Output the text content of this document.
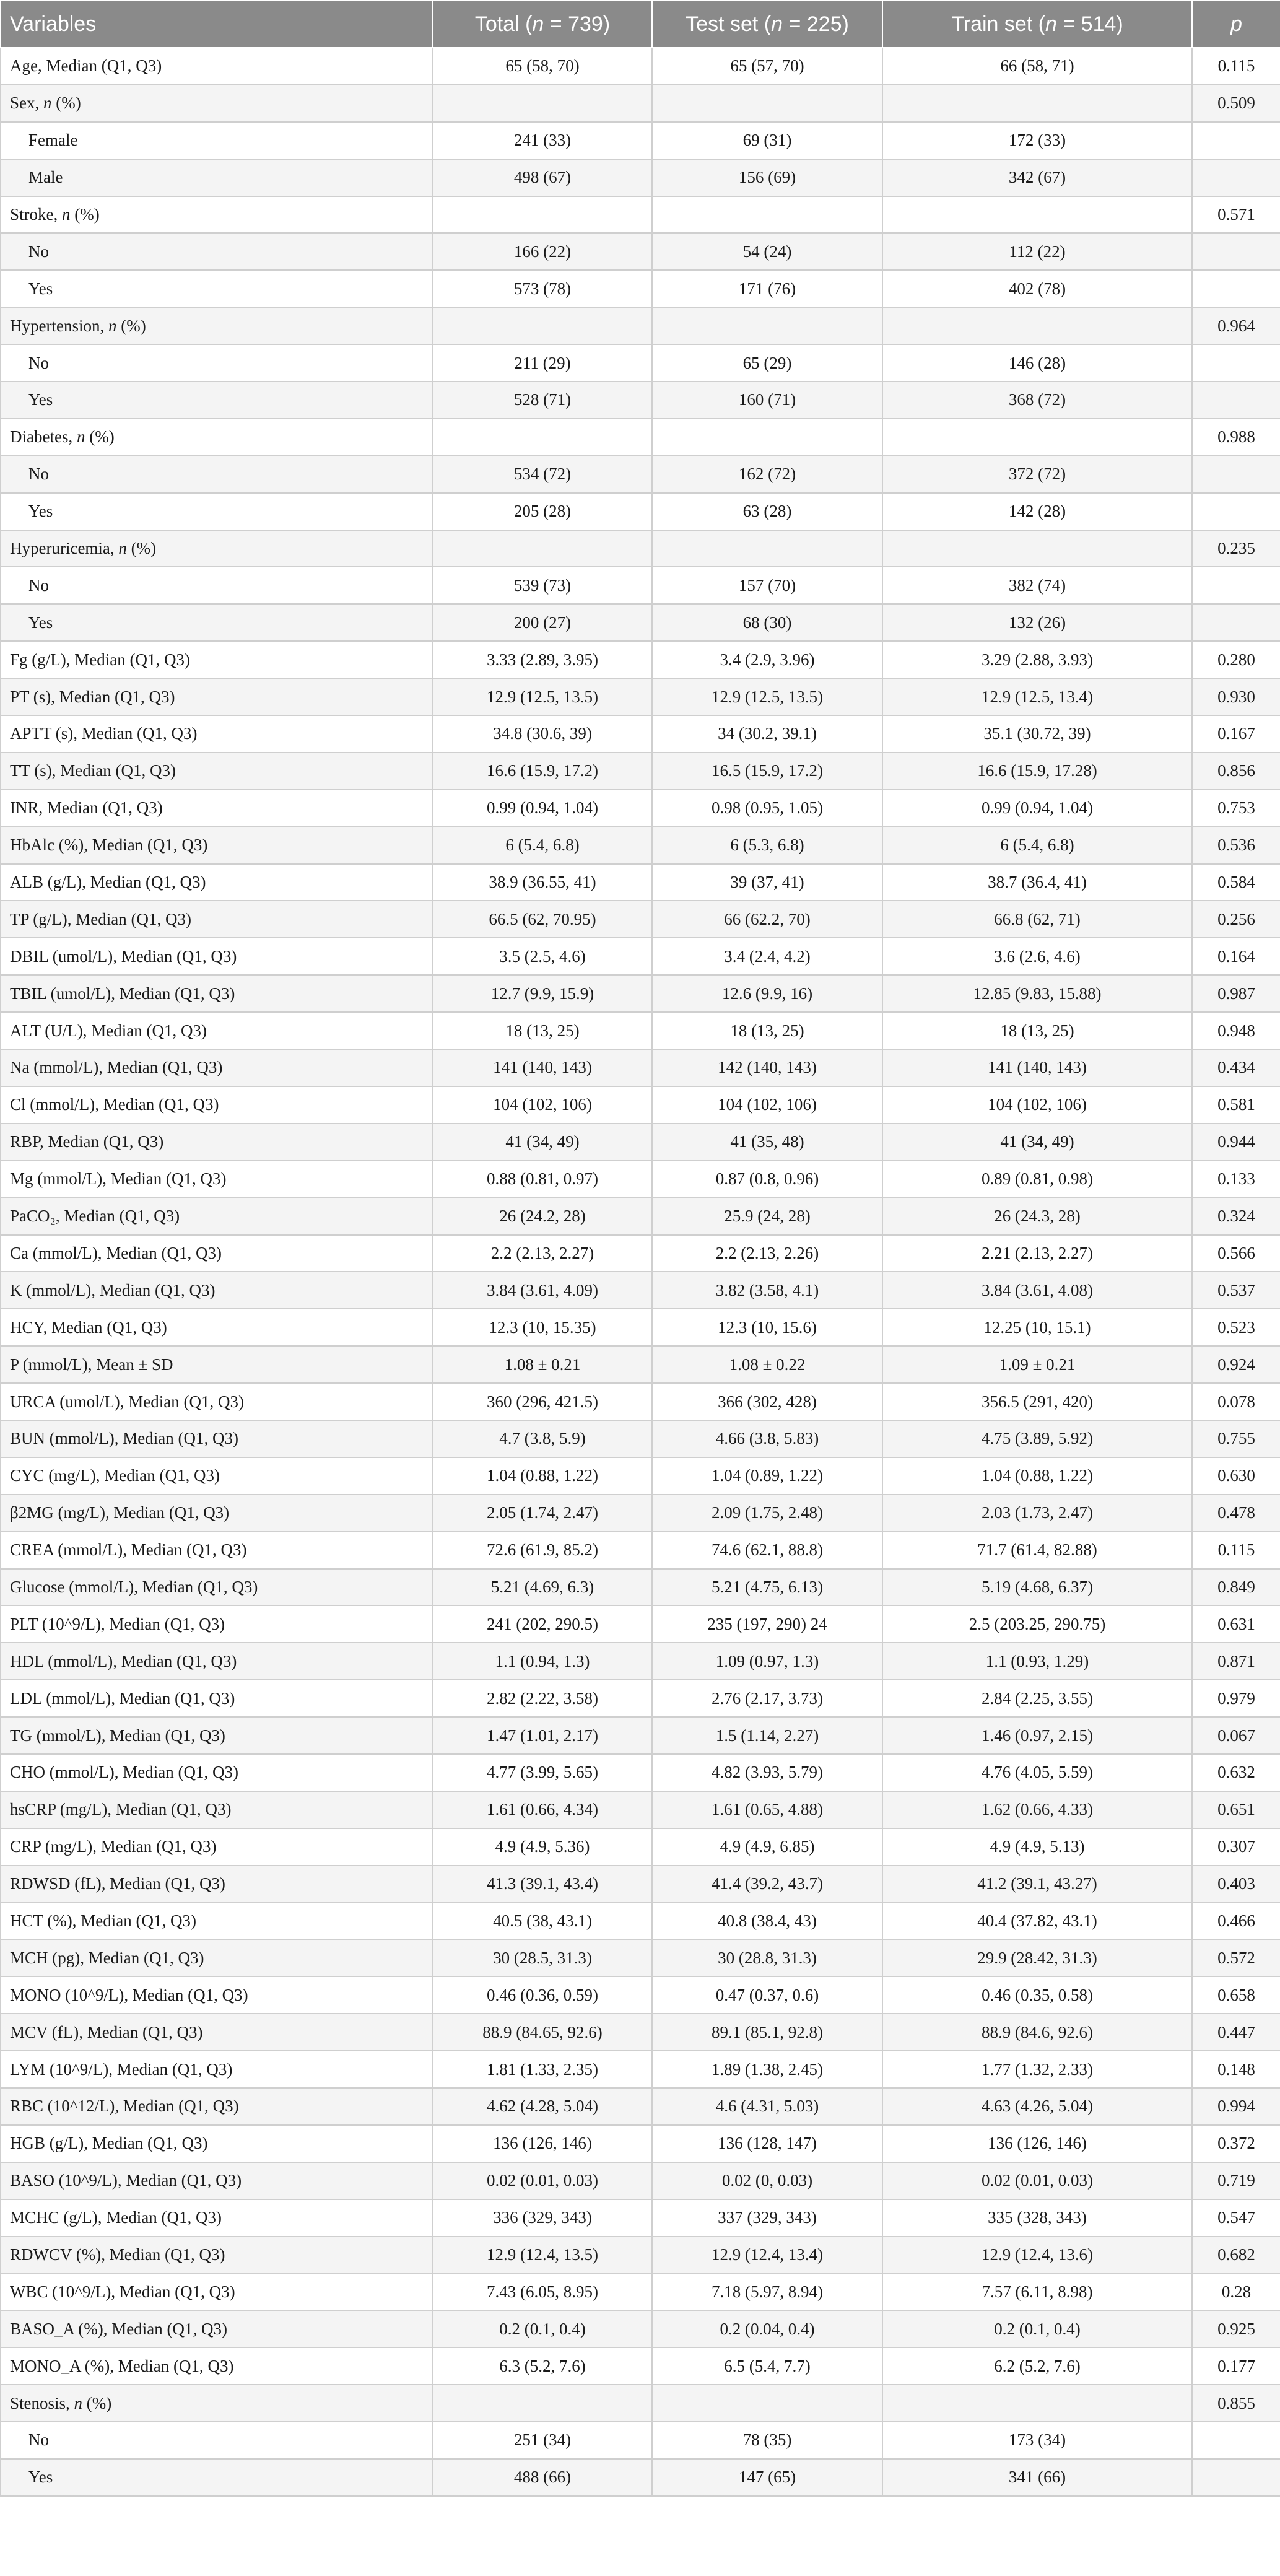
Variables	Total (n = 739)	Test set (n = 225)	Train set (n = 514)	p
Age, Median (Q1, Q3)	65 (58, 70)	65 (57, 70)	66 (58, 71)	0.115
Sex, n (%)				0.509
Female	241 (33)	69 (31)	172 (33)	
Male	498 (67)	156 (69)	342 (67)	
Stroke, n (%)				0.571
No	166 (22)	54 (24)	112 (22)	
Yes	573 (78)	171 (76)	402 (78)	
Hypertension, n (%)				0.964
No	211 (29)	65 (29)	146 (28)	
Yes	528 (71)	160 (71)	368 (72)	
Diabetes, n (%)				0.988
No	534 (72)	162 (72)	372 (72)	
Yes	205 (28)	63 (28)	142 (28)	
Hyperuricemia, n (%)				0.235
No	539 (73)	157 (70)	382 (74)	
Yes	200 (27)	68 (30)	132 (26)	
Fg (g/L), Median (Q1, Q3)	3.33 (2.89, 3.95)	3.4 (2.9, 3.96)	3.29 (2.88, 3.93)	0.280
PT (s), Median (Q1, Q3)	12.9 (12.5, 13.5)	12.9 (12.5, 13.5)	12.9 (12.5, 13.4)	0.930
APTT (s), Median (Q1, Q3)	34.8 (30.6, 39)	34 (30.2, 39.1)	35.1 (30.72, 39)	0.167
TT (s), Median (Q1, Q3)	16.6 (15.9, 17.2)	16.5 (15.9, 17.2)	16.6 (15.9, 17.28)	0.856
INR, Median (Q1, Q3)	0.99 (0.94, 1.04)	0.98 (0.95, 1.05)	0.99 (0.94, 1.04)	0.753
HbAlc (%), Median (Q1, Q3)	6 (5.4, 6.8)	6 (5.3, 6.8)	6 (5.4, 6.8)	0.536
ALB (g/L), Median (Q1, Q3)	38.9 (36.55, 41)	39 (37, 41)	38.7 (36.4, 41)	0.584
TP (g/L), Median (Q1, Q3)	66.5 (62, 70.95)	66 (62.2, 70)	66.8 (62, 71)	0.256
DBIL (umol/L), Median (Q1, Q3)	3.5 (2.5, 4.6)	3.4 (2.4, 4.2)	3.6 (2.6, 4.6)	0.164
TBIL (umol/L), Median (Q1, Q3)	12.7 (9.9, 15.9)	12.6 (9.9, 16)	12.85 (9.83, 15.88)	0.987
ALT (U/L), Median (Q1, Q3)	18 (13, 25)	18 (13, 25)	18 (13, 25)	0.948
Na (mmol/L), Median (Q1, Q3)	141 (140, 143)	142 (140, 143)	141 (140, 143)	0.434
Cl (mmol/L), Median (Q1, Q3)	104 (102, 106)	104 (102, 106)	104 (102, 106)	0.581
RBP, Median (Q1, Q3)	41 (34, 49)	41 (35, 48)	41 (34, 49)	0.944
Mg (mmol/L), Median (Q1, Q3)	0.88 (0.81, 0.97)	0.87 (0.8, 0.96)	0.89 (0.81, 0.98)	0.133
PaCO₂, Median (Q1, Q3)	26 (24.2, 28)	25.9 (24, 28)	26 (24.3, 28)	0.324
Ca (mmol/L), Median (Q1, Q3)	2.2 (2.13, 2.27)	2.2 (2.13, 2.26)	2.21 (2.13, 2.27)	0.566
K (mmol/L), Median (Q1, Q3)	3.84 (3.61, 4.09)	3.82 (3.58, 4.1)	3.84 (3.61, 4.08)	0.537
HCY, Median (Q1, Q3)	12.3 (10, 15.35)	12.3 (10, 15.6)	12.25 (10, 15.1)	0.523
P (mmol/L), Mean ± SD	1.08 ± 0.21	1.08 ± 0.22	1.09 ± 0.21	0.924
URCA (umol/L), Median (Q1, Q3)	360 (296, 421.5)	366 (302, 428)	356.5 (291, 420)	0.078
BUN (mmol/L), Median (Q1, Q3)	4.7 (3.8, 5.9)	4.66 (3.8, 5.83)	4.75 (3.89, 5.92)	0.755
CYC (mg/L), Median (Q1, Q3)	1.04 (0.88, 1.22)	1.04 (0.89, 1.22)	1.04 (0.88, 1.22)	0.630
β2MG (mg/L), Median (Q1, Q3)	2.05 (1.74, 2.47)	2.09 (1.75, 2.48)	2.03 (1.73, 2.47)	0.478
CREA (mmol/L), Median (Q1, Q3)	72.6 (61.9, 85.2)	74.6 (62.1, 88.8)	71.7 (61.4, 82.88)	0.115
Glucose (mmol/L), Median (Q1, Q3)	5.21 (4.69, 6.3)	5.21 (4.75, 6.13)	5.19 (4.68, 6.37)	0.849
PLT (10^9/L), Median (Q1, Q3)	241 (202, 290.5)	235 (197, 290) 24	2.5 (203.25, 290.75)	0.631
HDL (mmol/L), Median (Q1, Q3)	1.1 (0.94, 1.3)	1.09 (0.97, 1.3)	1.1 (0.93, 1.29)	0.871
LDL (mmol/L), Median (Q1, Q3)	2.82 (2.22, 3.58)	2.76 (2.17, 3.73)	2.84 (2.25, 3.55)	0.979
TG (mmol/L), Median (Q1, Q3)	1.47 (1.01, 2.17)	1.5 (1.14, 2.27)	1.46 (0.97, 2.15)	0.067
CHO (mmol/L), Median (Q1, Q3)	4.77 (3.99, 5.65)	4.82 (3.93, 5.79)	4.76 (4.05, 5.59)	0.632
hsCRP (mg/L), Median (Q1, Q3)	1.61 (0.66, 4.34)	1.61 (0.65, 4.88)	1.62 (0.66, 4.33)	0.651
CRP (mg/L), Median (Q1, Q3)	4.9 (4.9, 5.36)	4.9 (4.9, 6.85)	4.9 (4.9, 5.13)	0.307
RDWSD (fL), Median (Q1, Q3)	41.3 (39.1, 43.4)	41.4 (39.2, 43.7)	41.2 (39.1, 43.27)	0.403
HCT (%), Median (Q1, Q3)	40.5 (38, 43.1)	40.8 (38.4, 43)	40.4 (37.82, 43.1)	0.466
MCH (pg), Median (Q1, Q3)	30 (28.5, 31.3)	30 (28.8, 31.3)	29.9 (28.42, 31.3)	0.572
MONO (10^9/L), Median (Q1, Q3)	0.46 (0.36, 0.59)	0.47 (0.37, 0.6)	0.46 (0.35, 0.58)	0.658
MCV (fL), Median (Q1, Q3)	88.9 (84.65, 92.6)	89.1 (85.1, 92.8)	88.9 (84.6, 92.6)	0.447
LYM (10^9/L), Median (Q1, Q3)	1.81 (1.33, 2.35)	1.89 (1.38, 2.45)	1.77 (1.32, 2.33)	0.148
RBC (10^12/L), Median (Q1, Q3)	4.62 (4.28, 5.04)	4.6 (4.31, 5.03)	4.63 (4.26, 5.04)	0.994
HGB (g/L), Median (Q1, Q3)	136 (126, 146)	136 (128, 147)	136 (126, 146)	0.372
BASO (10^9/L), Median (Q1, Q3)	0.02 (0.01, 0.03)	0.02 (0, 0.03)	0.02 (0.01, 0.03)	0.719
MCHC (g/L), Median (Q1, Q3)	336 (329, 343)	337 (329, 343)	335 (328, 343)	0.547
RDWCV (%), Median (Q1, Q3)	12.9 (12.4, 13.5)	12.9 (12.4, 13.4)	12.9 (12.4, 13.6)	0.682
WBC (10^9/L), Median (Q1, Q3)	7.43 (6.05, 8.95)	7.18 (5.97, 8.94)	7.57 (6.11, 8.98)	0.28
BASO_A (%), Median (Q1, Q3)	0.2 (0.1, 0.4)	0.2 (0.04, 0.4)	0.2 (0.1, 0.4)	0.925
MONO_A (%), Median (Q1, Q3)	6.3 (5.2, 7.6)	6.5 (5.4, 7.7)	6.2 (5.2, 7.6)	0.177
Stenosis, n (%)				0.855
No	251 (34)	78 (35)	173 (34)	
Yes	488 (66)	147 (65)	341 (66)	
